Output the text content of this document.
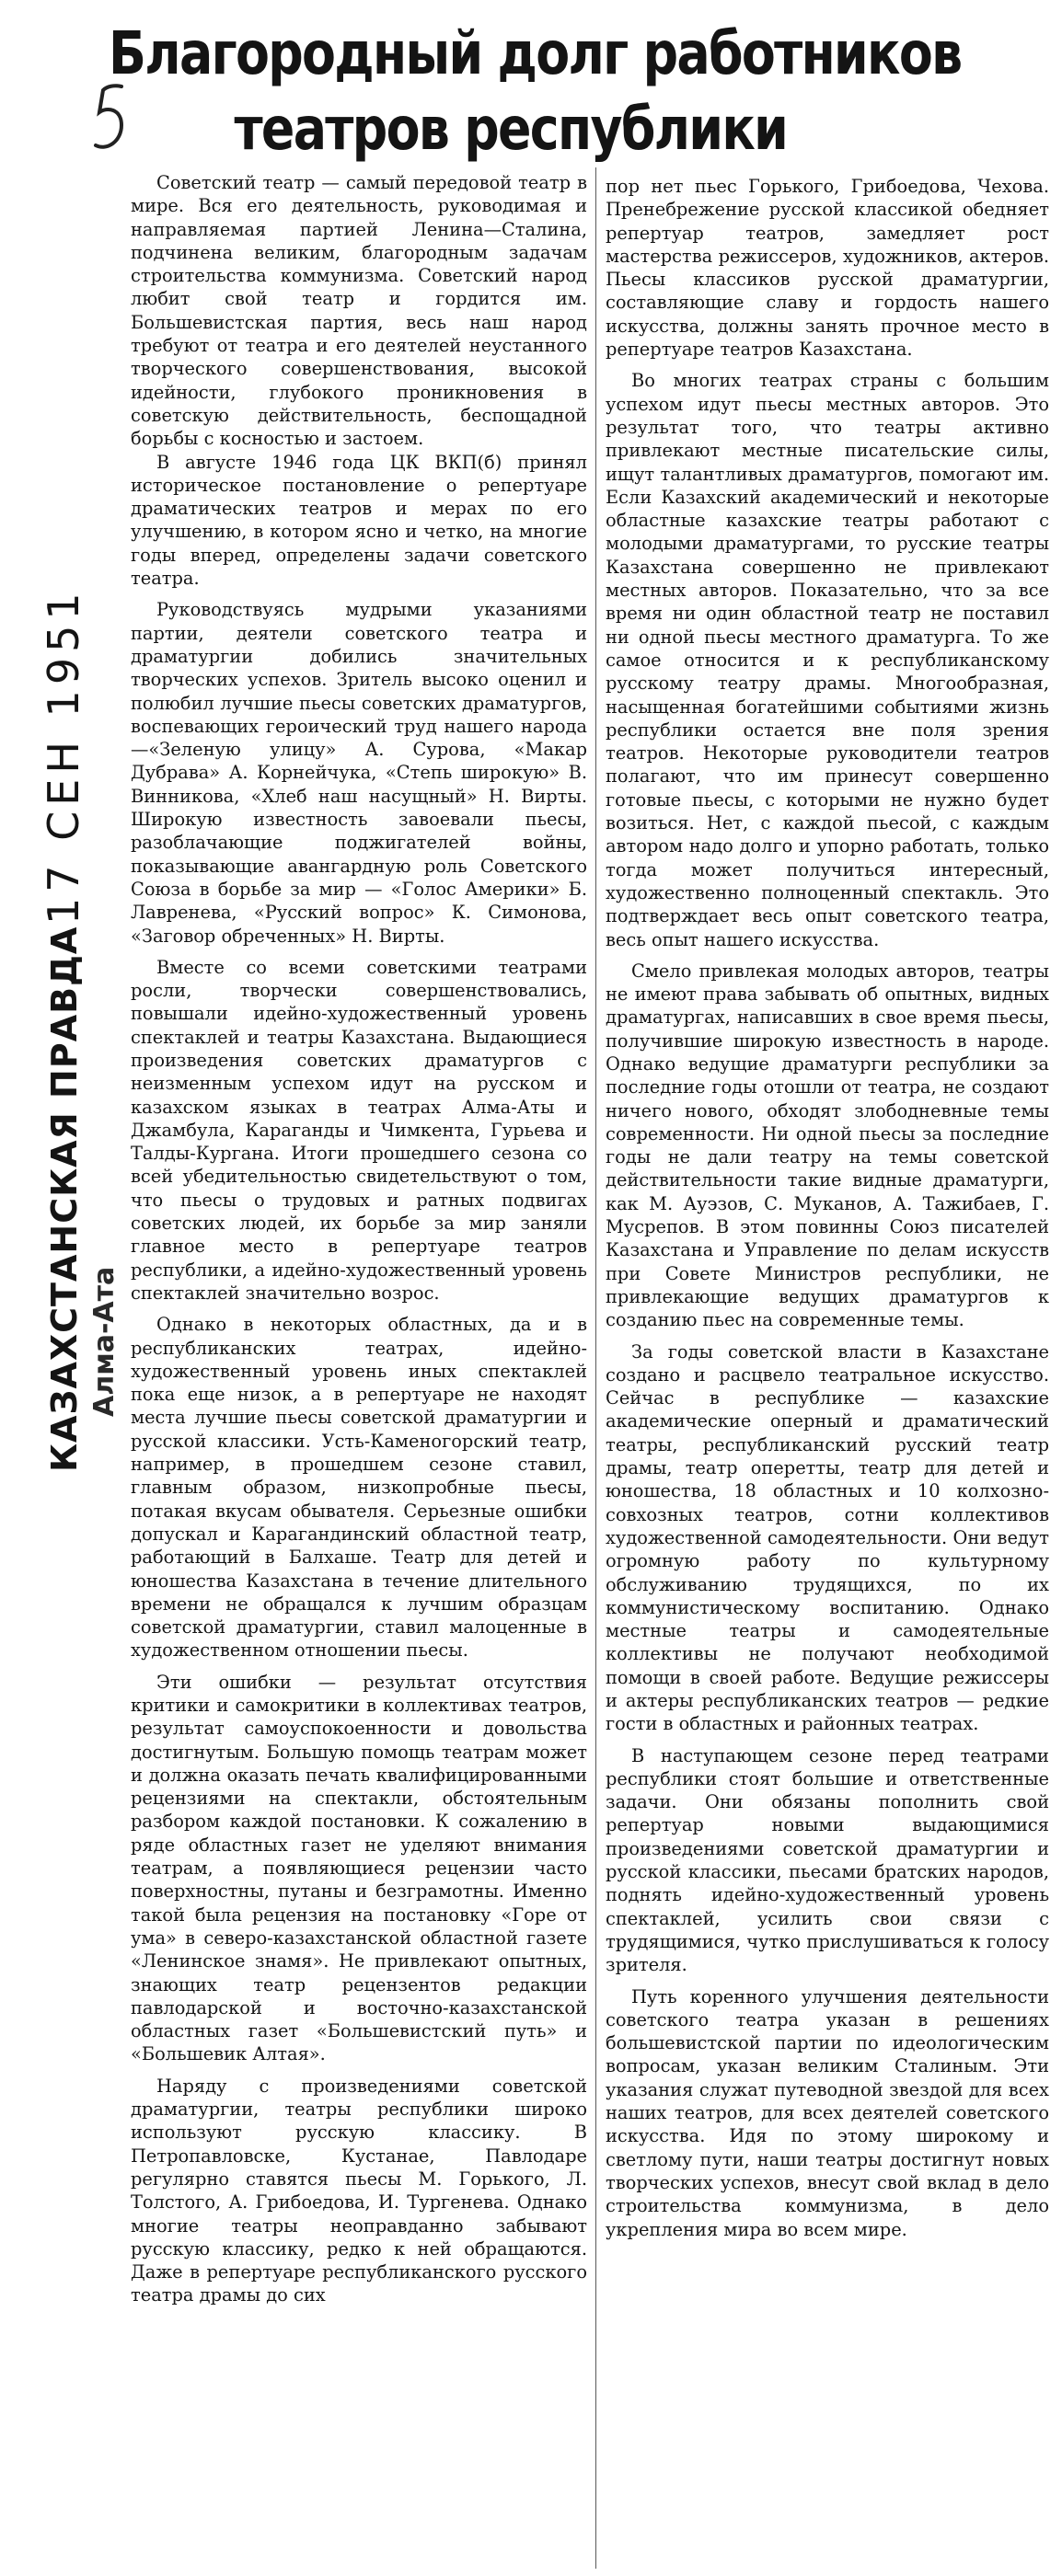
Благородный долг работников
театров республики
17 СЕН 1951
КАЗАХСТАНСКАЯ ПРАВДА Алма-Ата

Советский театр — самый передовой театр в мире. Вся его деятельность, руководимая и направляемая партией Ленина—Сталина, подчинена великим, благородным задачам строительства коммунизма. Советский народ любит свой театр и гордится им. Большевистская партия, весь наш народ требуют от театра и его деятелей неустанного творческого совершенствования, высокой идейности, глубокого проникновения в советскую действительность, беспощадной борьбы с косностью и застоем.

В августе 1946 года ЦК ВКП(б) принял историческое постановление о репертуаре драматических театров и мерах по его улучшению, в котором ясно и четко, на многие годы вперед, определены задачи советского театра.

Руководствуясь мудрыми указаниями партии, деятели советского театра и драматургии добились значительных творческих успехов. Зритель высоко оценил и полюбил лучшие пьесы советских драматургов, воспевающих героический труд нашего народа—«Зеленую улицу» А. Сурова, «Макар Дубрава» А. Корнейчука, «Степь широкую» В. Винникова, «Хлеб наш насущный» Н. Вирты. Широкую известность завоевали пьесы, разоблачающие поджигателей войны, показывающие авангардную роль Советского Союза в борьбе за мир — «Голос Америки» Б. Лавренева, «Русский вопрос» К. Симонова, «Заговор обреченных» Н. Вирты.

Вместе со всеми советскими театрами росли, творчески совершенствовались, повышали идейно-художественный уровень спектаклей и театры Казахстана. Выдающиеся произведения советских драматургов с неизменным успехом идут на русском и казахском языках в театрах Алма-Аты и Джамбула, Караганды и Чимкента, Гурьева и Талды-Кургана. Итоги прошедшего сезона со всей убедительностью свидетельствуют о том, что пьесы о трудовых и ратных подвигах советских людей, их борьбе за мир заняли главное место в репертуаре театров республики, а идейно-художественный уровень спектаклей значительно возрос.

Однако в некоторых областных, да и в республиканских театрах, идейно-художественный уровень иных спектаклей пока еще низок, а в репертуаре не находят места лучшие пьесы советской драматургии и русской классики. Усть-Каменогорский театр, например, в прошедшем сезоне ставил, главным образом, низкопробные пьесы, потакая вкусам обывателя. Серьезные ошибки допускал и Карагандинский областной театр, работающий в Балхаше. Театр для детей и юношества Казахстана в течение длительного времени не обращался к лучшим образцам советской драматургии, ставил малоценные в художественном отношении пьесы.

Эти ошибки — результат отсутствия критики и самокритики в коллективах театров, результат самоуспокоенности и довольства достигнутым. Большую помощь театрам может и должна оказать печать квалифицированными рецензиями на спектакли, обстоятельным разбором каждой постановки. К сожалению в ряде областных газет не уделяют внимания театрам, а появляющиеся рецензии часто поверхностны, путаны и безграмотны. Именно такой была рецензия на постановку «Горе от ума» в северо-казахстанской областной газете «Ленинское знамя». Не привлекают опытных, знающих театр рецензентов редакции павлодарской и восточно-казахстанской областных газет «Большевистский путь» и «Большевик Алтая».

Наряду с произведениями советской драматургии, театры республики широко используют русскую классику. В Петропавловске, Кустанае, Павлодаре регулярно ставятся пьесы М. Горького, Л. Толстого, А. Грибоедова, И. Тургенева. Однако многие театры неоправданно забывают русскую классику, редко к ней обращаются. Даже в репертуаре республиканского русского театра драмы до сих

пор нет пьес Горького, Грибоедова, Чехова. Пренебрежение русской классикой обедняет репертуар театров, замедляет рост мастерства режиссеров, художников, актеров. Пьесы классиков русской драматургии, составляющие славу и гордость нашего искусства, должны занять прочное место в репертуаре театров Казахстана.

Во многих театрах страны с большим успехом идут пьесы местных авторов. Это результат того, что театры активно привлекают местные писательские силы, ищут талантливых драматургов, помогают им. Если Казахский академический и некоторые областные казахские театры работают с молодыми драматургами, то русские театры Казахстана совершенно не привлекают местных авторов. Показательно, что за все время ни один областной театр не поставил ни одной пьесы местного драматурга. То же самое относится и к республиканскому русскому театру драмы. Многообразная, насыщенная богатейшими событиями жизнь республики остается вне поля зрения театров. Некоторые руководители театров полагают, что им принесут совершенно готовые пьесы, с которыми не нужно будет возиться. Нет, с каждой пьесой, с каждым автором надо долго и упорно работать, только тогда может получиться интересный, художественно полноценный спектакль. Это подтверждает весь опыт советского театра, весь опыт нашего искусства.

Смело привлекая молодых авторов, театры не имеют права забывать об опытных, видных драматургах, написавших в свое время пьесы, получившие широкую известность в народе. Однако ведущие драматурги республики за последние годы отошли от театра, не создают ничего нового, обходят злободневные темы современности. Ни одной пьесы за последние годы не дали театру на темы советской действительности такие видные драматурги, как М. Ауэзов, С. Муканов, А. Тажибаев, Г. Мусрепов. В этом повинны Союз писателей Казахстана и Управление по делам искусств при Совете Министров республики, не привлекающие ведущих драматургов к созданию пьес на современные темы.

За годы советской власти в Казахстане создано и расцвело театральное искусство. Сейчас в республике — казахские академические оперный и драматический театры, республиканский русский театр драмы, театр оперетты, театр для детей и юношества, 18 областных и 10 колхозно-совхозных театров, сотни коллективов художественной самодеятельности. Они ведут огромную работу по культурному обслуживанию трудящихся, по их коммунистическому воспитанию. Однако местные театры и самодеятельные коллективы не получают необходимой помощи в своей работе. Ведущие режиссеры и актеры республиканских театров — редкие гости в областных и районных театрах.

В наступающем сезоне перед театрами республики стоят большие и ответственные задачи. Они обязаны пополнить свой репертуар новыми выдающимися произведениями советской драматургии и русской классики, пьесами братских народов, поднять идейно-художественный уровень спектаклей, усилить свои связи с трудящимися, чутко прислушиваться к голосу зрителя.

Путь коренного улучшения деятельности советского театра указан в решениях большевистской партии по идеологическим вопросам, указан великим Сталиным. Эти указания служат путеводной звездой для всех наших театров, для всех деятелей советского искусства. Идя по этому широкому и светлому пути, наши театры достигнут новых творческих успехов, внесут свой вклад в дело строительства коммунизма, в дело укрепления мира во всем мире.
